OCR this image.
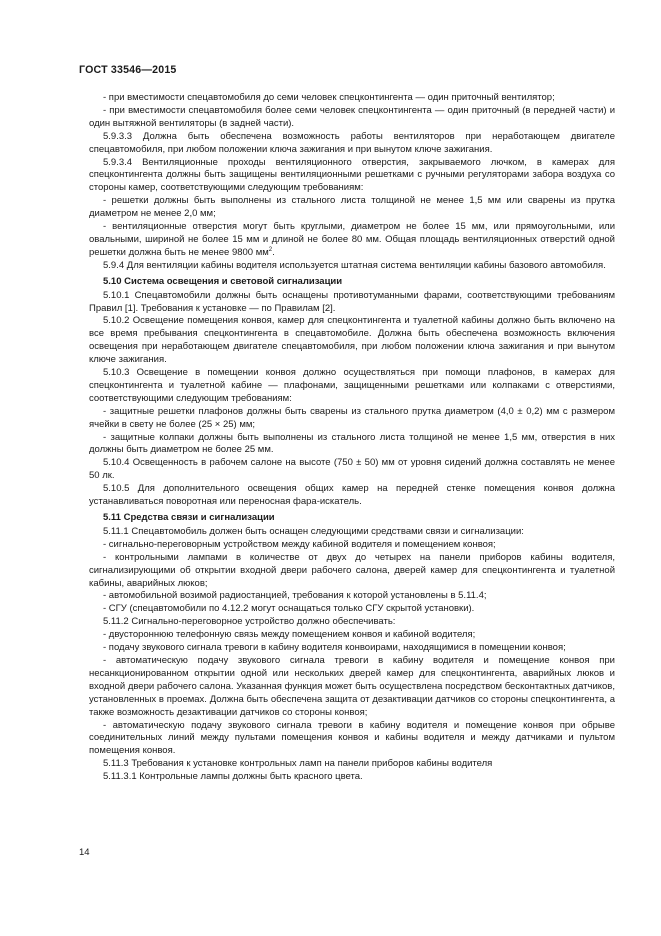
ГОСТ 33546—2015

- при вместимости спецавтомобиля до семи человек спецконтингента — один приточный вентилятор;

- при вместимости спецавтомобиля более семи человек спецконтингента — один приточный (в передней части) и один вытяжной вентиляторы (в задней части).

5.9.3.3 Должна быть обеспечена возможность работы вентиляторов при неработающем двигателе спецавтомобиля, при любом положении ключа зажигания и при вынутом ключе зажигания.

5.9.3.4 Вентиляционные проходы вентиляционного отверстия, закрываемого лючком, в камерах для спецконтингента должны быть защищены вентиляционными решетками с ручными регуляторами забора воздуха со стороны камер, соответствующими следующим требованиям:

- решетки должны быть выполнены из стального листа толщиной не менее 1,5 мм или сварены из прутка диаметром не менее 2,0 мм;

- вентиляционные отверстия могут быть круглыми, диаметром не более 15 мм, или прямоугольными, или овальными, шириной не более 15 мм и длиной не более 80 мм. Общая площадь вентиляционных отверстий одной решетки должна быть не менее 9800 $мм^2$.

5.9.4 Для вентиляции кабины водителя используется штатная система вентиляции кабины базового автомобиля.

5.10 Система освещения и световой сигнализации

5.10.1 Спецавтомобили должны быть оснащены противотуманными фарами, соответствующими требованиям Правил [1]. Требования к установке — по Правилам [2].

5.10.2 Освещение помещения конвоя, камер для спецконтингента и туалетной кабины должно быть включено на все время пребывания спецконтингента в спецавтомобиле. Должна быть обеспечена возможность включения освещения при неработающем двигателе спецавтомобиля, при любом положении ключа зажигания и при вынутом ключе зажигания.

5.10.3 Освещение в помещении конвоя должно осуществляться при помощи плафонов, в камерах для спецконтингента и туалетной кабине — плафонами, защищенными решетками или колпаками с отверстиями, соответствующими следующим требованиям:

- защитные решетки плафонов должны быть сварены из стального прутка диаметром (4,0 ± 0,2) мм с размером ячейки в свету не более (25 × 25) мм;

- защитные колпаки должны быть выполнены из стального листа толщиной не менее 1,5 мм, отверстия в них должны быть диаметром не более 25 мм.

5.10.4 Освещенность в рабочем салоне на высоте (750 ± 50) мм от уровня сидений должна составлять не менее 50 лк.

5.10.5 Для дополнительного освещения общих камер на передней стенке помещения конвоя должна устанавливаться поворотная или переносная фара-искатель.

5.11 Средства связи и сигнализации

5.11.1 Спецавтомобиль должен быть оснащен следующими средствами связи и сигнализации:

- сигнально-переговорным устройством между кабиной водителя и помещением конвоя;

- контрольными лампами в количестве от двух до четырех на панели приборов кабины водителя, сигнализирующими об открытии входной двери рабочего салона, дверей камер для спецконтингента и туалетной кабины, аварийных люков;

- автомобильной возимой радиостанцией, требования к которой установлены в 5.11.4;

- СГУ (спецавтомобили по 4.12.2 могут оснащаться только СГУ скрытой установки).

5.11.2 Сигнально-переговорное устройство должно обеспечивать:

- двустороннюю телефонную связь между помещением конвоя и кабиной водителя;

- подачу звукового сигнала тревоги в кабину водителя конвоирами, находящимися в помещении конвоя;

- автоматическую подачу звукового сигнала тревоги в кабину водителя и помещение конвоя при несанкционированном открытии одной или нескольких дверей камер для спецконтингента, аварийных люков и входной двери рабочего салона. Указанная функция может быть осуществлена посредством бесконтактных датчиков, установленных в проемах. Должна быть обеспечена защита от дезактивации датчиков со стороны спецконтингента, а также возможность дезактивации датчиков со стороны конвоя;

- автоматическую подачу звукового сигнала тревоги в кабину водителя и помещение конвоя при обрыве соединительных линий между пультами помещения конвоя и кабины водителя и между датчиками и пультом помещения конвоя.

5.11.3 Требования к установке контрольных ламп на панели приборов кабины водителя

5.11.3.1 Контрольные лампы должны быть красного цвета.

14
